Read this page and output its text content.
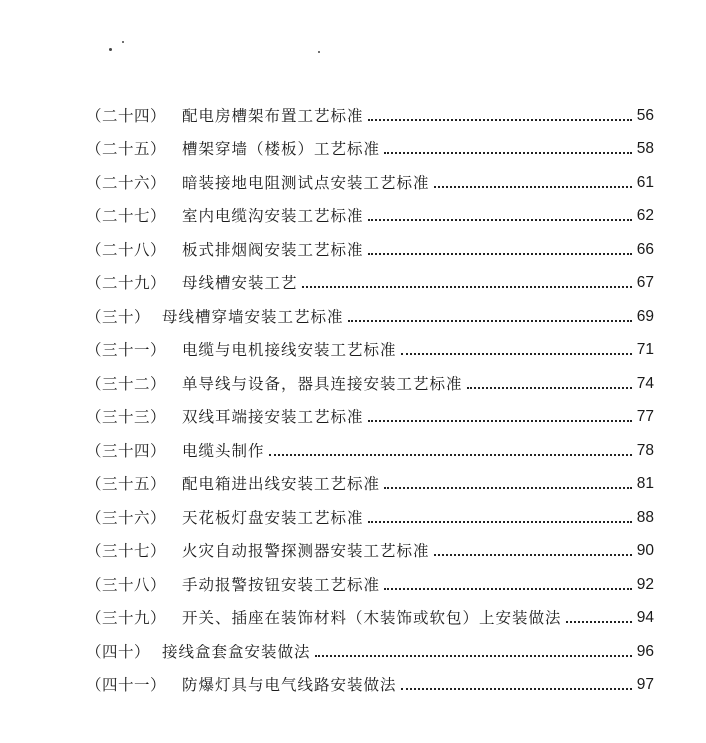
（二十四）	配电房槽架布置工艺标准	56
（二十五）	槽架穿墙（楼板）工艺标准	58
（二十六）	暗装接地电阻测试点安装工艺标准	61
（二十七）	室内电缆沟安装工艺标准	62
（二十八）	板式排烟阀安装工艺标准	66
（二十九）	母线槽安装工艺	67
（三十） 母线槽穿墙安装工艺标准	69
（三十一）	电缆与电机接线安装工艺标准	71
（三十二）	单导线与设备，器具连接安装工艺标准	74
（三十三）	双线耳端接安装工艺标准	77
（三十四）	电缆头制作	78
（三十五）	配电箱进出线安装工艺标准	81
（三十六）	天花板灯盘安装工艺标准	88
（三十七）	火灾自动报警探测器安装工艺标准	90
（三十八）	手动报警按钮安装工艺标准	92
（三十九）	开关、插座在装饰材料（木装饰或软包）上安装做法	94
（四十） 接线盒套盒安装做法	96
（四十一）	防爆灯具与电气线路安装做法	97
